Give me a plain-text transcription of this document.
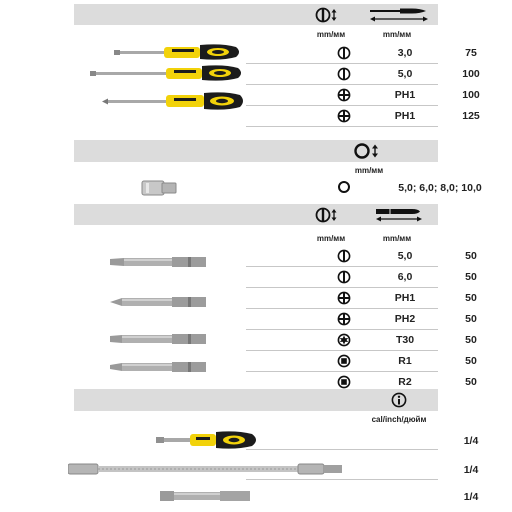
mm/мм	mm/мм
3,0	75
5,0	100
PH1	100
PH1	125
mm/мм
5,0; 6,0; 8,0; 10,0
mm/мм	mm/мм
5,0	50
6,0	50
PH1	50
PH2	50
T30	50
R1	50
R2	50
cal/inch/дюйм
1/4
1/4
1/4
